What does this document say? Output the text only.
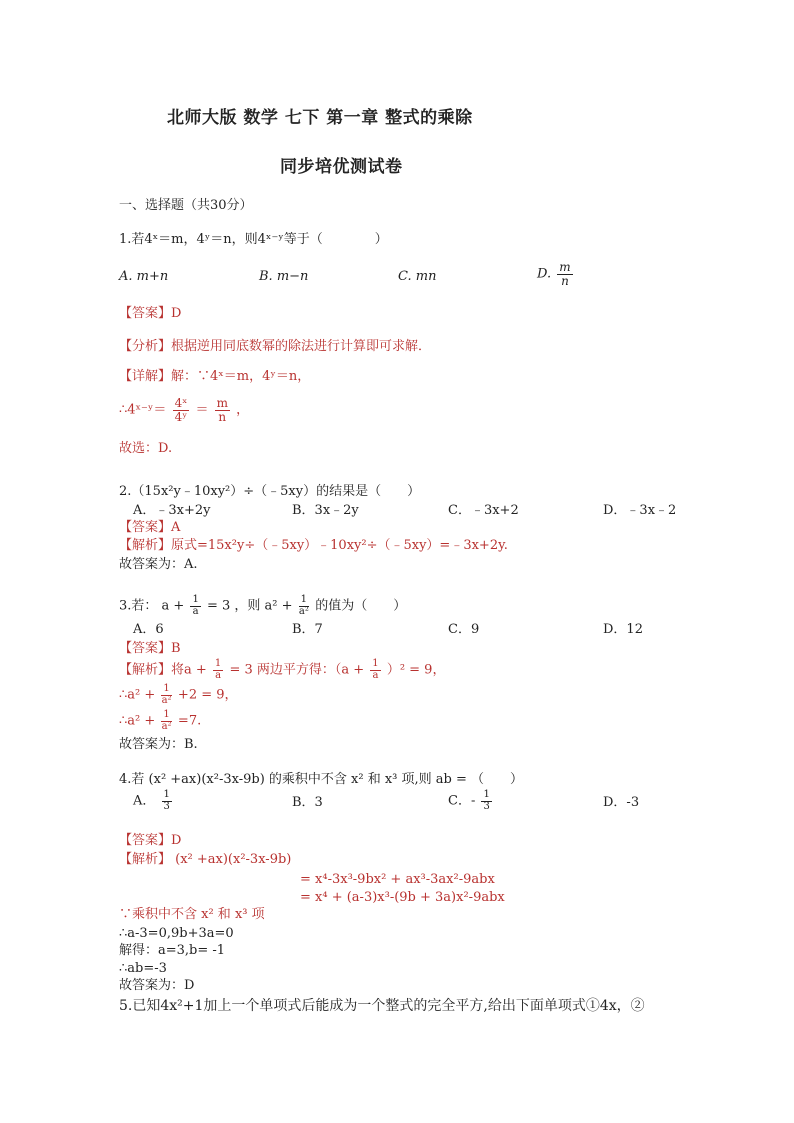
北师大版 数学 七下 第一章 整式的乘除
同步培优测试卷
一、选择题（共30分）
1.若4ˣ＝m，4ʸ＝n，则4ˣ⁻ʸ等于（　　　　）
A. m+n	B. m−n	C. mn	D. $\frac{m}{n}$
【答案】D
【分析】根据逆用同底数幂的除法进行计算即可求解．
【详解】解：∵4ˣ＝m，4ʸ＝n，
∴4ˣ⁻ʸ＝ $\frac{\text{4ˣ}}{\text{4ʸ}} = \frac{m}{n}$ ，
故选：D.
2.（15x²y﹣10xy²）÷（﹣5xy）的结果是（　　）
A．﹣3x+2y	B．3x﹣2y	C．﹣3x+2	D．﹣3x﹣2
【答案】A
【解析】原式=15x²y÷（﹣5xy）﹣10xy²÷（﹣5xy）=﹣3x+2y.
故答案为：A.
3.若： $a + \frac{1}{a} = 3$ ，则 $a^2 + \frac{1}{\text{a²}}$ 的值为（　　）
A．6	B．7	C．9	D．12
【答案】B
【解析】将$a + \frac{1}{a} = 3$ 两边平方得：$(a + \frac{1}{a} )^2 = 9$，
∴a² + $\frac{1}{\text{a²}} +2 = 9$，
∴a² + $\frac{1}{\text{a²}} =7$.
故答案为：B.
4.若 (x² +ax)(x²-3x-9b) 的乘积中不含 x² 和 x³ 项,则 ab = （　　）
A． $\frac{1}{3}$	B．3	C．- $\frac{1}{3}$	D．-3
【答案】D
【解析】 (x² +ax)(x²-3x-9b)
= x⁴-3x³-9bx² + ax³-3ax²-9abx
= x⁴ + (a-3)x³-(9b + 3a)x²-9abx
∵乘积中不含 x² 和 x³ 项
∴a-3=0,9b+3a=0
解得：a=3,b= -1
∴ab=-3
故答案为：D
5.已知4x²+1加上一个单项式后能成为一个整式的完全平方,给出下面单项式①4x，②
